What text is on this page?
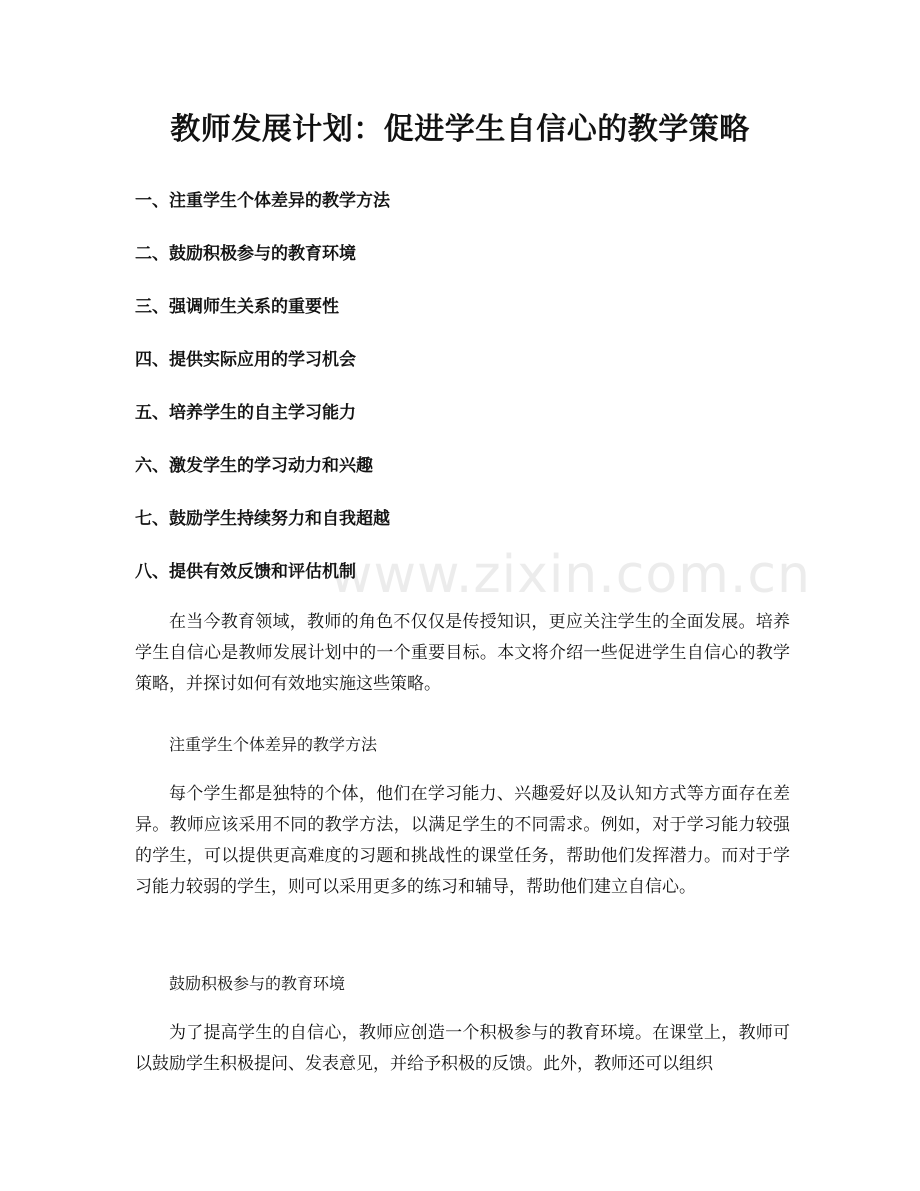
www.zixin.com.cn
教师发展计划：促进学生自信心的教学策略
一、注重学生个体差异的教学方法
二、鼓励积极参与的教育环境
三、强调师生关系的重要性
四、提供实际应用的学习机会
五、培养学生的自主学习能力
六、激发学生的学习动力和兴趣
七、鼓励学生持续努力和自我超越
八、提供有效反馈和评估机制

在当今教育领域，教师的角色不仅仅是传授知识，更应关注学生的全面发展。培养学生自信心是教师发展计划中的一个重要目标。本文将介绍一些促进学生自信心的教学策略，并探讨如何有效地实施这些策略。

注重学生个体差异的教学方法

每个学生都是独特的个体，他们在学习能力、兴趣爱好以及认知方式等方面存在差异。教师应该采用不同的教学方法，以满足学生的不同需求。例如，对于学习能力较强的学生，可以提供更高难度的习题和挑战性的课堂任务，帮助他们发挥潜力。而对于学习能力较弱的学生，则可以采用更多的练习和辅导，帮助他们建立自信心。

鼓励积极参与的教育环境

为了提高学生的自信心，教师应创造一个积极参与的教育环境。在课堂上，教师可以鼓励学生积极提问、发表意见，并给予积极的反馈。此外，教师还可以组织
